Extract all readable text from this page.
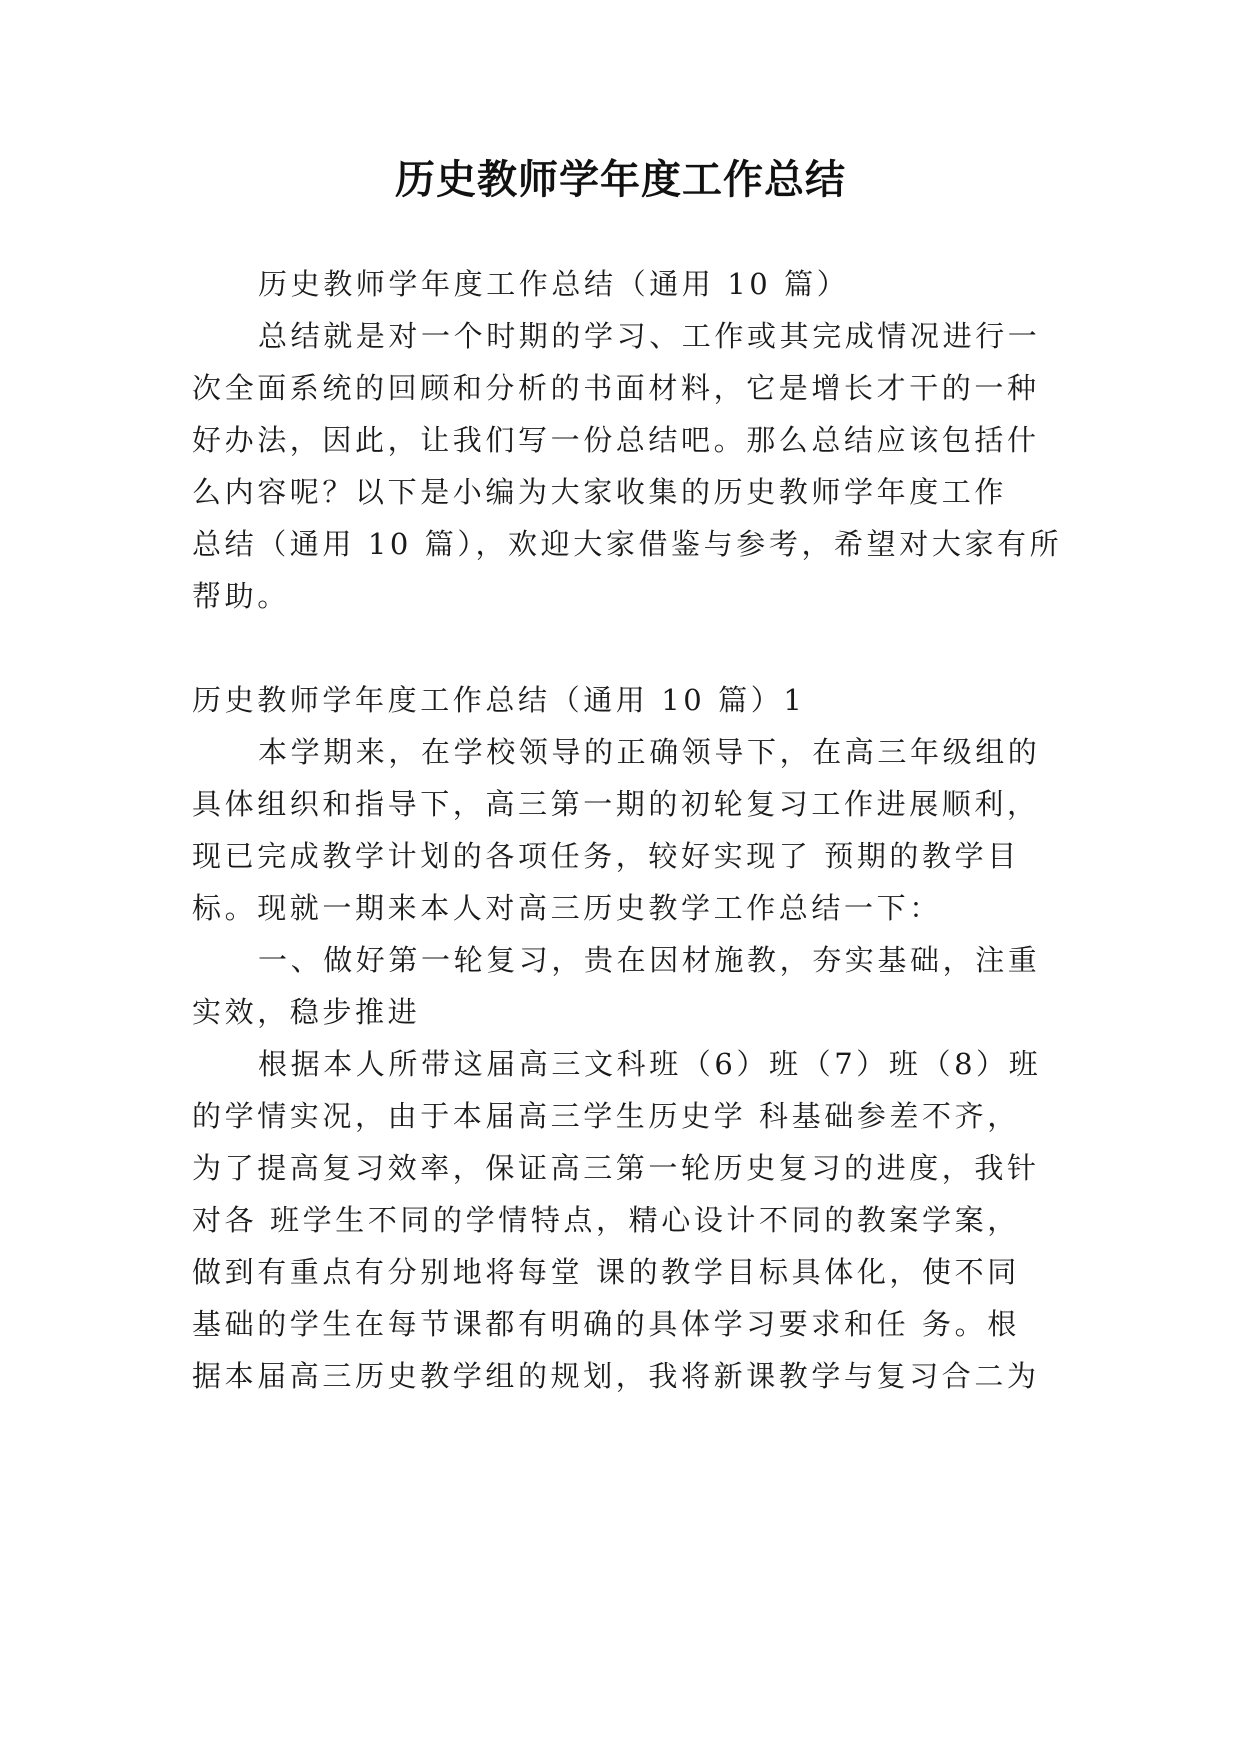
历史教师学年度工作总结
历史教师学年度工作总结（通用 10 篇）
总结就是对一个时期的学习、工作或其完成情况进行一
次全面系统的回顾和分析的书面材料，它是增长才干的一种
好办法，因此，让我们写一份总结吧。那么总结应该包括什
么内容呢？以下是小编为大家收集的历史教师学年度工作
总结（通用 10 篇），欢迎大家借鉴与参考，希望对大家有所
帮助。
历史教师学年度工作总结（通用 10 篇）1
本学期来，在学校领导的正确领导下，在高三年级组的
具体组织和指导下，高三第一期的初轮复习工作进展顺利，
现已完成教学计划的各项任务，较好实现了 预期的教学目
标。现就一期来本人对高三历史教学工作总结一下：
一、做好第一轮复习，贵在因材施教，夯实基础，注重
实效，稳步推进
根据本人所带这届高三文科班（6）班（7）班（8）班
的学情实况，由于本届高三学生历史学 科基础参差不齐，
为了提高复习效率，保证高三第一轮历史复习的进度，我针
对各 班学生不同的学情特点，精心设计不同的教案学案，
做到有重点有分别地将每堂 课的教学目标具体化，使不同
基础的学生在每节课都有明确的具体学习要求和任 务。根
据本届高三历史教学组的规划，我将新课教学与复习合二为
